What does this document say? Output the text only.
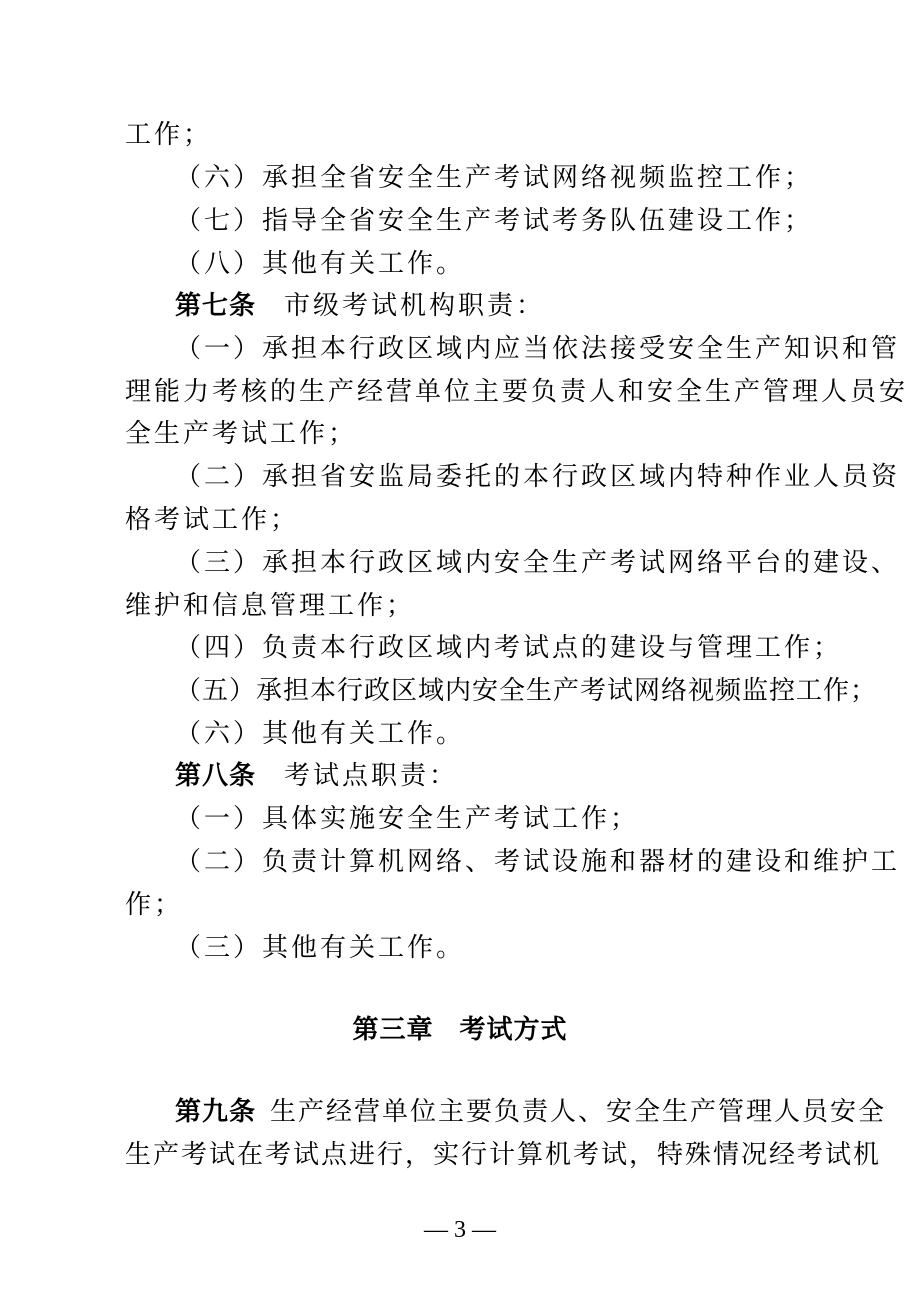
工作；
（六）承担全省安全生产考试网络视频监控工作；
（七）指导全省安全生产考试考务队伍建设工作；
（八）其他有关工作。
第七条 市级考试机构职责：
（一）承担本行政区域内应当依法接受安全生产知识和管
理能力考核的生产经营单位主要负责人和安全生产管理人员安
全生产考试工作；
（二）承担省安监局委托的本行政区域内特种作业人员资
格考试工作；
（三）承担本行政区域内安全生产考试网络平台的建设、
维护和信息管理工作；
（四）负责本行政区域内考试点的建设与管理工作；
（五）承担本行政区域内安全生产考试网络视频监控工作；
（六）其他有关工作。
第八条 考试点职责：
（一）具体实施安全生产考试工作；
（二）负责计算机网络、考试设施和器材的建设和维护工
作；
（三）其他有关工作。
第三章 考试方式
第九条 生产经营单位主要负责人、安全生产管理人员安全
生产考试在考试点进行，实行计算机考试，特殊情况经考试机
— 3 —
